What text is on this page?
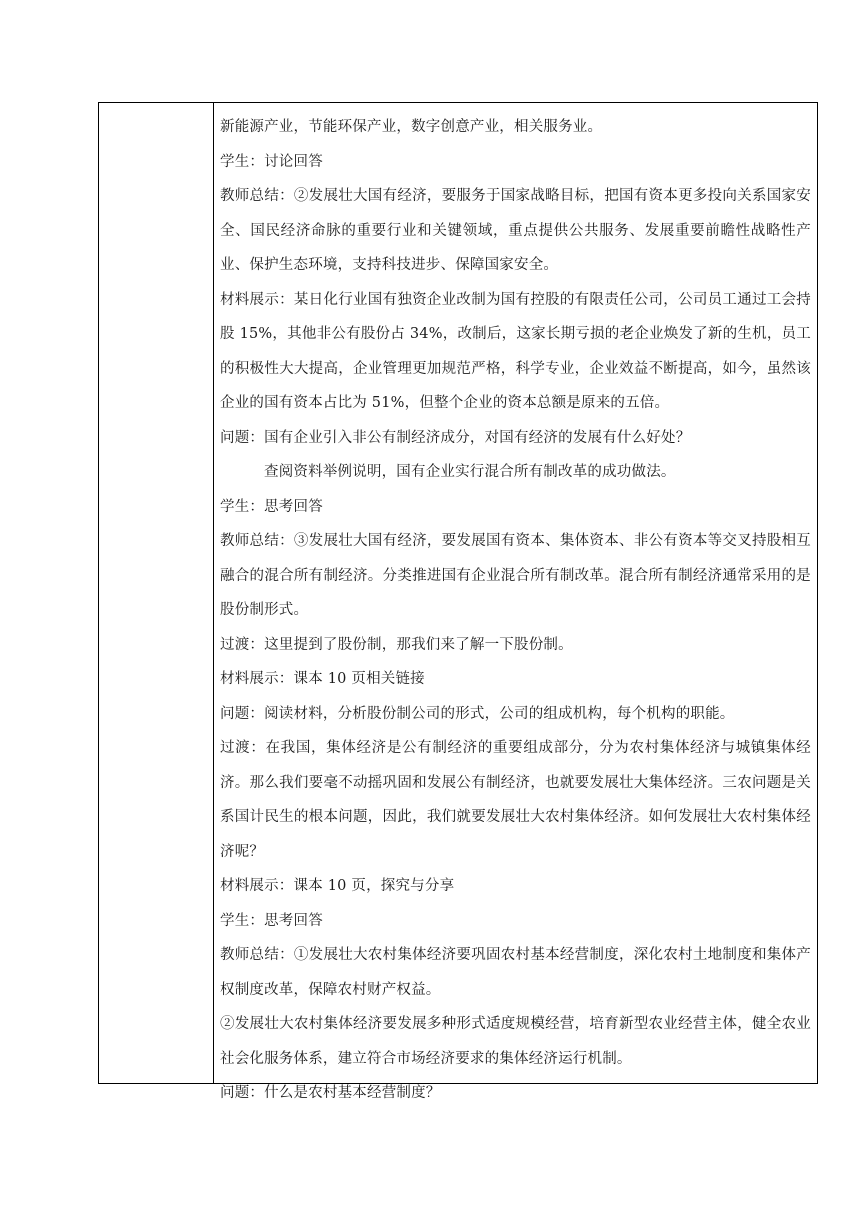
新能源产业，节能环保产业，数字创意产业，相关服务业。

学生：讨论回答

教师总结：②发展壮大国有经济，要服务于国家战略目标，把国有资本更多投向关系国家安全、国民经济命脉的重要行业和关键领域，重点提供公共服务、发展重要前瞻性战略性产业、保护生态环境，支持科技进步、保障国家安全。

材料展示：某日化行业国有独资企业改制为国有控股的有限责任公司，公司员工通过工会持股 15%，其他非公有股份占 34%，改制后，这家长期亏损的老企业焕发了新的生机，员工的积极性大大提高，企业管理更加规范严格，科学专业，企业效益不断提高，如今，虽然该企业的国有资本占比为 51%，但整个企业的资本总额是原来的五倍。

问题：国有企业引入非公有制经济成分，对国有经济的发展有什么好处？

查阅资料举例说明，国有企业实行混合所有制改革的成功做法。

学生：思考回答

教师总结：③发展壮大国有经济，要发展国有资本、集体资本、非公有资本等交叉持股相互融合的混合所有制经济。分类推进国有企业混合所有制改革。混合所有制经济通常采用的是股份制形式。

过渡：这里提到了股份制，那我们来了解一下股份制。

材料展示：课本 10 页相关链接

问题：阅读材料，分析股份制公司的形式，公司的组成机构，每个机构的职能。

过渡：在我国，集体经济是公有制经济的重要组成部分，分为农村集体经济与城镇集体经济。那么我们要毫不动摇巩固和发展公有制经济，也就要发展壮大集体经济。三农问题是关系国计民生的根本问题，因此，我们就要发展壮大农村集体经济。如何发展壮大农村集体经济呢？

材料展示：课本 10 页，探究与分享

学生：思考回答

教师总结：①发展壮大农村集体经济要巩固农村基本经营制度，深化农村土地制度和集体产权制度改革，保障农村财产权益。

②发展壮大农村集体经济要发展多种形式适度规模经营，培育新型农业经营主体，健全农业社会化服务体系，建立符合市场经济要求的集体经济运行机制。

问题：什么是农村基本经营制度？
